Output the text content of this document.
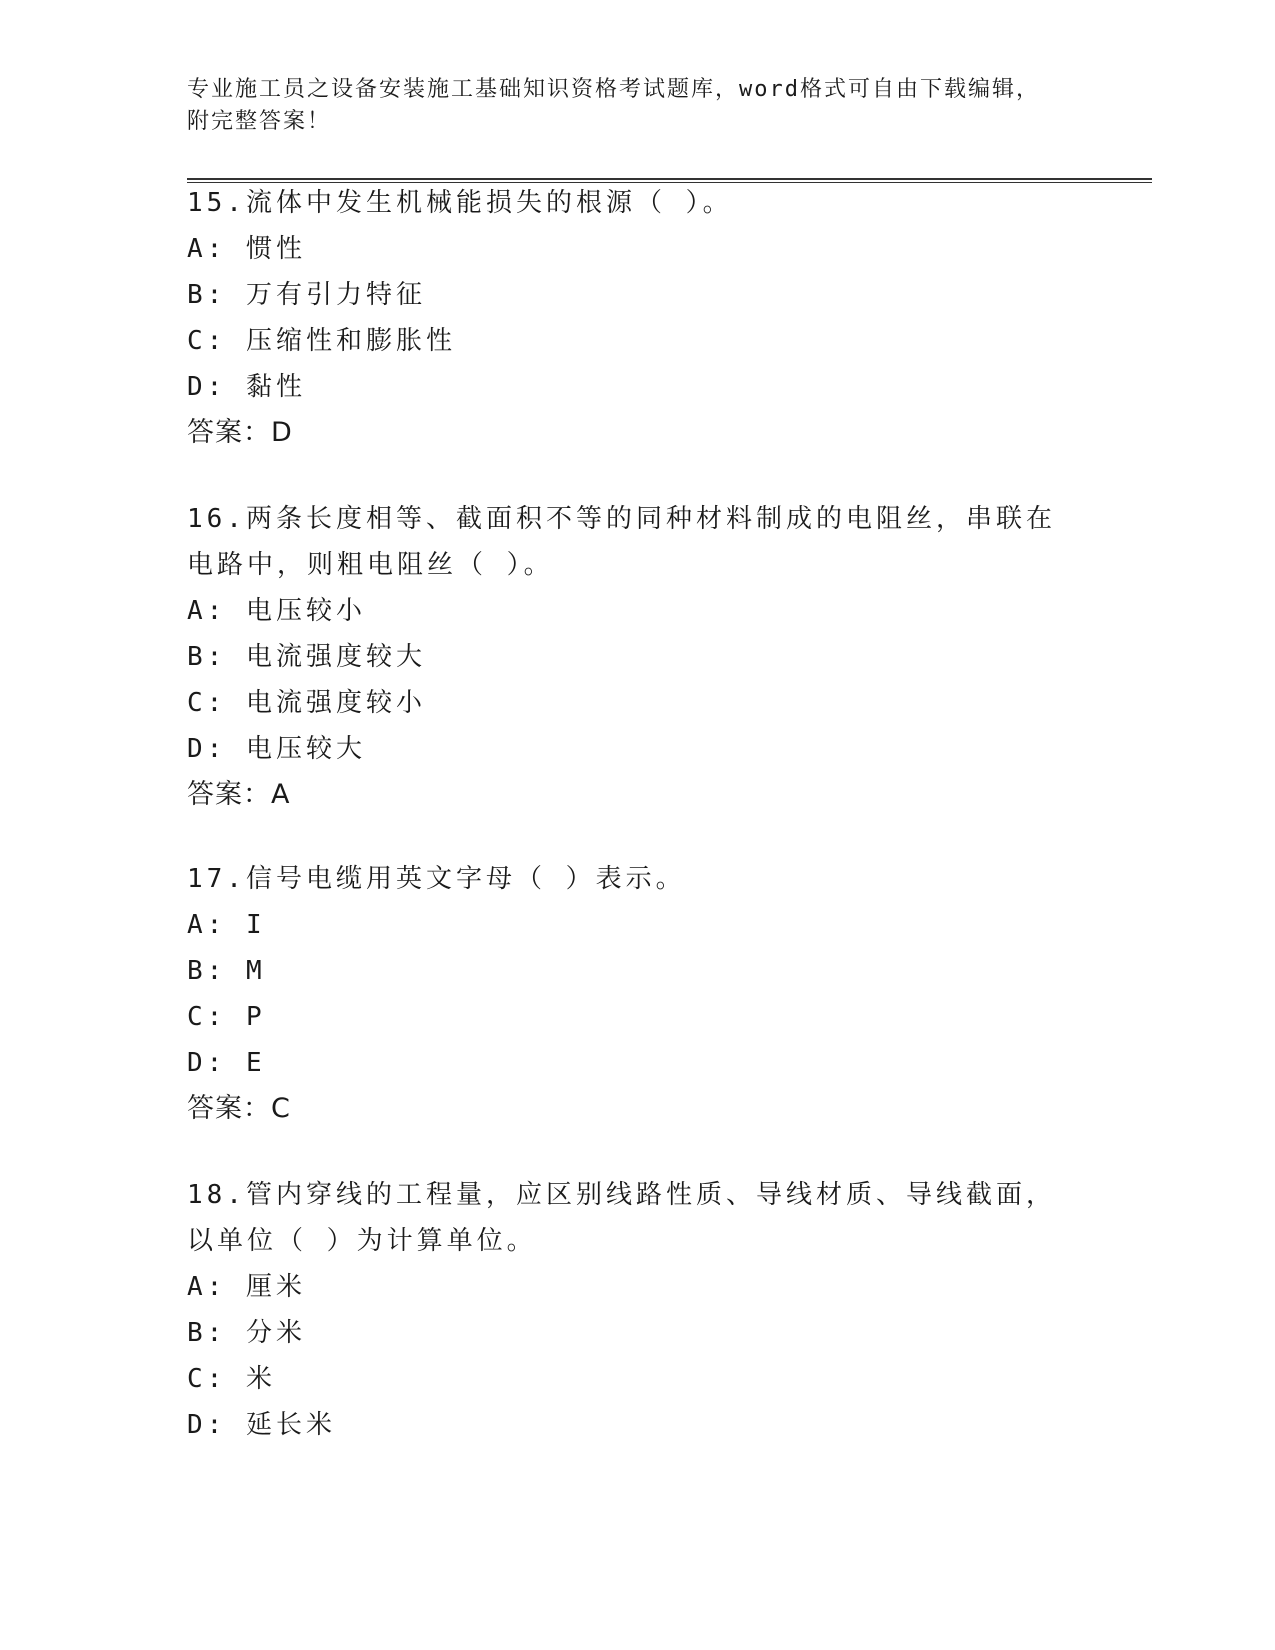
专业施工员之设备安装施工基础知识资格考试题库，word格式可自由下载编辑，
附完整答案！
15.流体中发生机械能损失的根源（ ）。
A: 惯性
B: 万有引力特征
C: 压缩性和膨胀性
D: 黏性
答案：D
16.两条长度相等、截面积不等的同种材料制成的电阻丝，串联在电路中，则粗电阻丝（ ）。
A: 电压较小
B: 电流强度较大
C: 电流强度较小
D: 电压较大
答案：A
17.信号电缆用英文字母（ ）表示。
A: I
B: M
C: P
D: E
答案：C
18.管内穿线的工程量，应区别线路性质、导线材质、导线截面，以单位（ ）为计算单位。
A: 厘米
B: 分米
C: 米
D: 延长米
